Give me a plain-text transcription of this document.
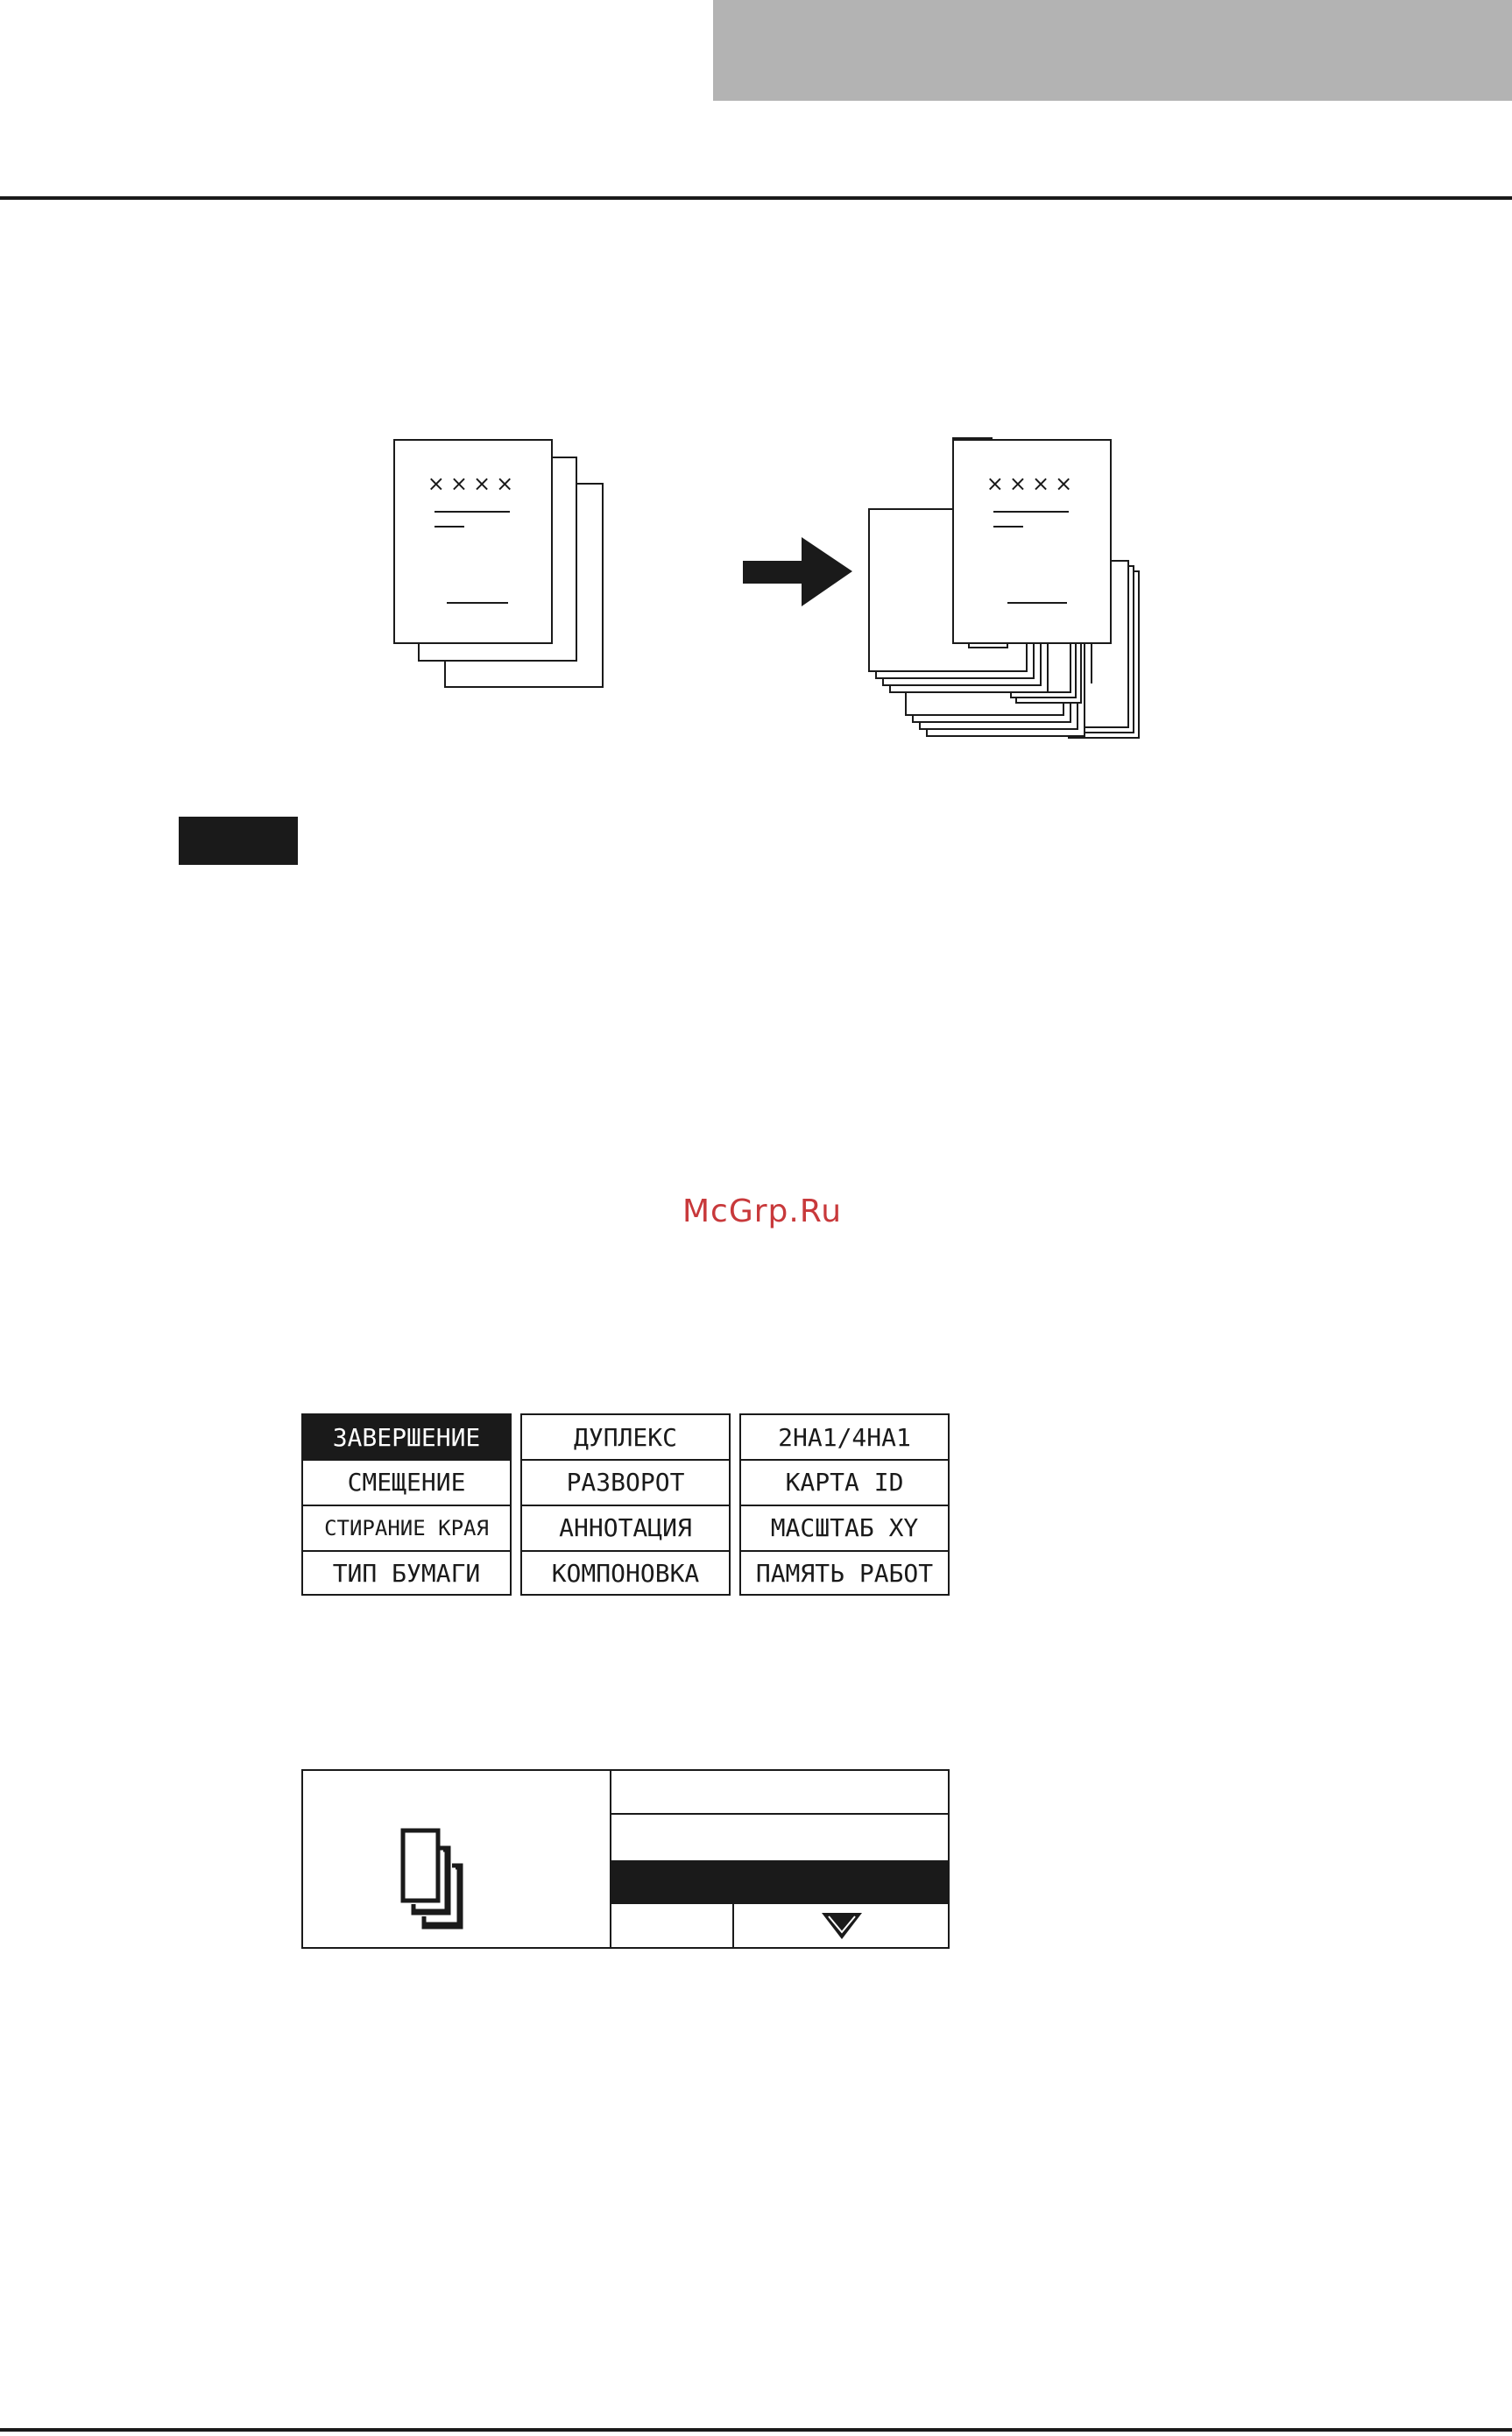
××××	××××
McGrp.Ru
ЗАВЕРШЕНИЕ
СМЕЩЕНИЕ
СТИРАНИЕ КРАЯ
ТИП БУМАГИ
ДУПЛЕКС
РАЗВОРОТ
АННОТАЦИЯ
КОМПОНОВКА
2НА1/4НА1
КАРТА ID
МАСШТАБ XY
ПАМЯТЬ РАБОТ
